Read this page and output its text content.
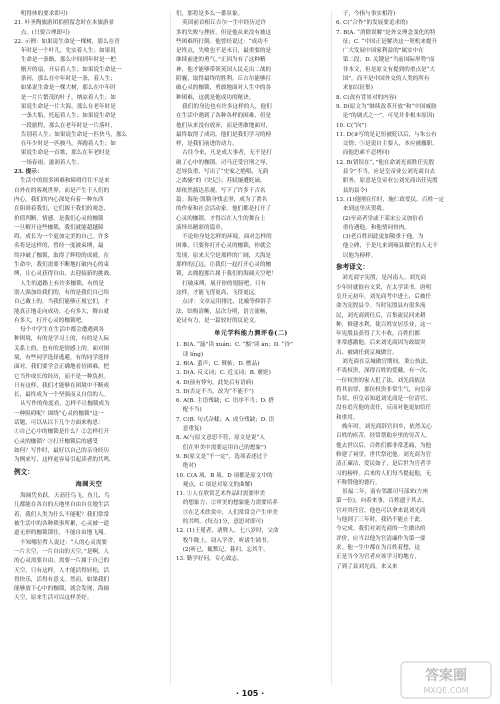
明得体的要求即可)
21. 叶圣陶旅游团拍照留念时在本旅游景
点。(只要合理即可)
22. 示例：如果说生命是一棵树，那么在青
年时是一个叶儿，先实着人生；如果说
生命是一条路，那么中间到年时是一把
刚开的扇，开启着人生；如果说生命是一
条河，那么在中年时是一条，着人生；
如果说生命是一棵大树，那么在中年时
是一片片繁茂的叶子，纳凉着人生；如
果说生命是一片大海，那么在老年时是
一条大船，托起着人生；如果说生命是
一段旅程，那么在老年时是一片落叶，
告别着人生；如果说生命是一匹快马，那么
在年少时是一匹骏马，奔跑着人生；如
果说生命是一首歌，那么在年老时是
一场春雨，滋润着人生。
23. 提示：
生活中的很多困难和障碍往往不是来
自外在的客观世界，而是产生于人们的
内心。我们的内心深处有着一种东西
在阻碍着我们，它们源于我们的观念、
价值判断、情感，是我们心灵的枷锁
一旦解开这些枷锁，我们就能超越障
碍，成长为一个更加完美的自己。许多
名将是这样的，曾经一度被束缚，最
终冲破了枷锁，取得了辉煌的成就。在
生命中，我们需要不断地打破内心的束
缚，让心灵获得自由，去迎接新的挑战。
人生的道路上有许多枷锁，有的是
别人强加给我们的，有的是我们自己给
自己戴上的。当我们能够正视它们，才
能真正地走向成功。心有多大，舞台就
有多大，打开心灵的枷锁吧。
每个中学生在生活中都会遭遇到各
种困境，有的是学习上的，有的是人际
关系上的，也有的是情感上的。面对困
境，有些同学选择逃避，有的同学选择
面对。我们要学会正确地看待困难，把
它当作成长的经历，而不是一种负担。
只有这样，我们才能够在困境中不断成
长，最终成为一个坚强而又自信的人。
从写作的角度看，怎样不让枷锁成为
一种阻碍呢？围绕“心灵的枷锁”这一
话题，可以从以下几个方面来构思：
①自己心中的枷锁是什么？②怎样打开
心灵的枷锁？③打开枷锁后的感受
如何？写作时，最好以自己的亲身经历
为例来写，这样更容易引起读者的共鸣。
例文：
海阔天空
海阔凭鱼跃，天高任鸟飞。鱼儿、鸟
儿都能在各自的天地里自由自在地生活
着，我们人类为什么不能呢？我们常常
被生活中的各种琐事所累，心灵被一道
道无形的枷锁锁住，不能自由地飞翔。
不知哪位哲人说过：“人的心灵需要
一片天空，一片自由的天空。”是啊，人
的心灵需要自由，需要一片属于自己的
天空。只有这样，人才能活得轻松，活
得快乐，活得有意义。然而，如果我们
能够放下心中的枷锁，就会发现，海阔
天空，原来生活可以这样美好。
们，那将是多么一番景象。
英国前首相丘吉尔一生中经历过许
多的失败与挫折，但是他从来没有被这
些困难所打倒。他曾经说过：“成功不
是终点，失败也不是末日，最重要的是
继续前进的勇气。”正因为有了这种精
神，他才能够带领英国人民走出二战的
阴霾，取得最终的胜利。丘吉尔能够打
破心灵的枷锁，勇敢地面对人生中的各
种困难，这就是他成功的秘诀。
我们的身边也有许多这样的人，他们
在生活中遇到了各种各样的困难，但是
他们从来没有放弃，而是勇敢地面对，
最终取得了成功。他们是我们学习的榜
样，是我们前进的动力。
古往今来，凡是成大事者，无不是打
破了心中的枷锁。司马迁受宫刑之辱，
忍辱负重，写出了“史家之绝唱，无韵
之离骚”的《史记》；苏轼屡遭贬谪，
却依然豁达乐观，写下了许多千古名
篇；海伦·凯勒身残志坚，成为了著名
的作家和社会活动家。他们都是打开了
心灵的枷锁，才得以在人生的舞台上
演绎出精彩的篇章。
不论你身处怎样的环境，面对怎样的
困难，只要你打开心灵的枷锁，你就会
发现，原来天空是那样的广阔，大海是
那样的辽远。让我们一起打开心灵的枷
锁，去拥抱那片属于我们的海阔天空吧！
打破束缚，展开你的翅膀吧，只有
这样，才能飞得更高，飞得更远。
点评：文章运用排比、比喻等修辞手
法，结构清晰，层次分明，语言流畅，
论证有力，是一篇较好的议论文。
单元学科能力测评卷(二)
1. B(A. “漩”读 xuán；C. “黯”读 àn；D. “泠”
读 líng)
2. B(A. 蜚声；C. 熨帖；D. 赝品)
3. D(A. 反义词；C. 近义词；B. 褒贬)
4. D(前有悖句，此处后有语病)
5. D(否定不当，改为“不能不”)
6. A(B. 主语残缺；C. 语序不当；D. 搭
配不当)
7. C(B. 句式杂糅；A. 成分残缺；D. 语
意重复)
8. A(与原文意思不符，原文是说“人
们在审美中需要运用自己的想象”)
9. B(原文是“不一定”，选项表述过于
绝对)
10. C(A 项、B 项、D 项都是原文中的
观点，C 项是对原文的曲解)
11. ①人在欣赏艺术作品时需要审美
的想象力；②审美的想象能力需要培养
③在艺术欣赏中，人们常常会产生审美
的共鸣。(每点1分，意思对即可)
12. (1)王冕者，诸暨人。七八岁时，父命
牧牛陇上，窃入学舍，听诸生诵书。
(2)听已，辄默记。暮归，忘其牛。
13. 勤学好问，专心致志。
子，今指与事实相符)
6. C(“合作”的发展要追求的)
7. B(A. “消除误解”是外交理念变化的特
征；C. “中国正是解决这一契机来提升
广大发展中国家利益的”属实中在
第二段；D. 关键是“当前国际形势”而
非本文，但是原文有提到的重点是“大
国”，而不是中国外交的人类的所有
求加以征集)
8. C(改有背景对的内容)
9. D(原文为“继续改革开放”和“中国威胁
论”的调式之一”，可见并非根本原因)
10. C(“向”)
11. D(③写的是记恒被贬以后，与朱公有
交情；⑤是说自主要人，本应被撤职，
而他思索不忍拷问)
12. B(错误在“，”他在命刘光商胜任宪殷
县令”不当，应是皇帝业公刘光商自去
职务，原意是皇帝业公刘光商出任宪殷
县的县令)
13. (1)他刚在任时，施仁政爱民，百姓一定
来到这里庆贺我。
(2)至高者堂或于某宋公又加倍看
重待遇他，和他情同骨肉。
(3)老百姓因此更加敬重于他，为
他立碑，于是凡来到雍县做官的人无不
以他为榜样。
参考译文：
刘光商字宪殷，是河南人。刘光商
少年时就很有文采，在太学读书。唐明
皇开元初年，刘光商考中进士，后被任
命为宪殷县令。当时宪殷县有很多流
民，刘光商到任后，召集流民回来耕
种，修建水利，使百姓安居乐业，这一
年宪殷县获得了大丰收，百姓们都
非常感激他。后来刘光商因为政绩突
出，被调任到京城做官。
刘光商在京城做官期间，秉公执法，
不畏权贵，深得百姓的爱戴。有一次，
一位权贵的家人犯了法，刘光商依法
将其治罪，那位权贵非常生气，向皇帝
告状，但皇帝知道刘光商是一位清官，
没有追究他的责任，反而对他更加信任
和重用。
晚年时，刘光商辞官回乡，依然关心
百姓的疾苦，经常帮助乡里的穷苦人。
他去世以后，百姓们都非常悲痛，为他
修建了祠堂，世代祭祀他。刘光商为官
清正廉洁，爱民如子，是后世为官者学
习的榜样。后来的人们每当提起他，无
不称赞他的德行。
景福二年，南有邻郡司马部来(左座
第一位)，向着来事，百姓遗于其去，
官对其任官，他也可以拿来说刘光商
与他到了三年时，我仍不能止于此。
今完成。我们对刘光商的一生做出的
评价，应当以他为官清廉作为第一要
求。他一生中都在为百姓着想，这
正是当今为官者应该学习的地方，
了到了县刘光商，来又来
· 105 ·
答案圈
MXQE.COM
